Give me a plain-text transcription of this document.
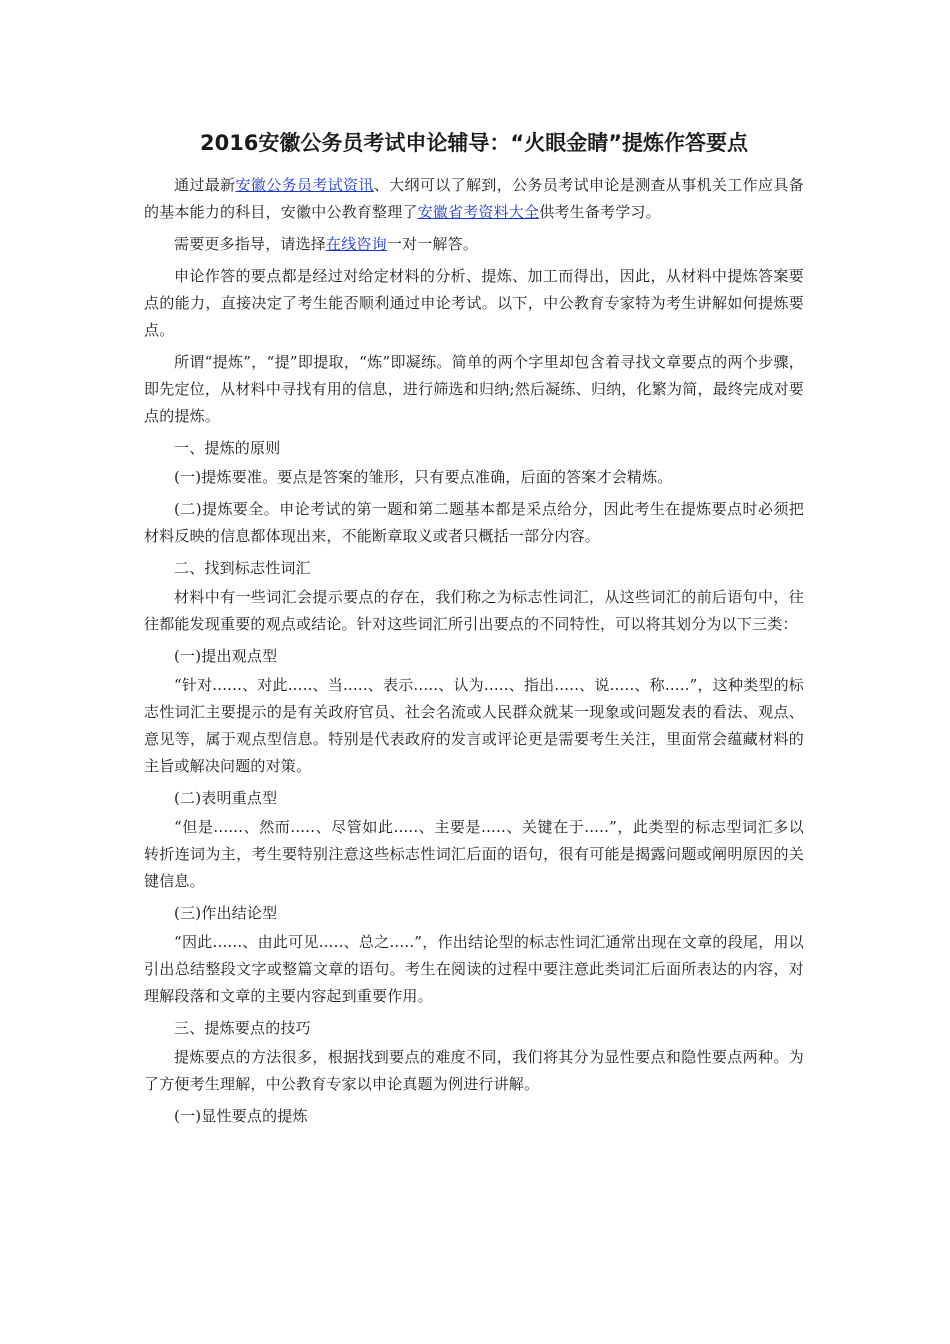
2016安徽公务员考试申论辅导：“火眼金睛”提炼作答要点

通过最新安徽公务员考试资讯、大纲可以了解到，公务员考试申论是测查从事机关工作应具备的基本能力的科目，安徽中公教育整理了安徽省考资料大全供考生备考学习。

需要更多指导，请选择在线咨询一对一解答。

申论作答的要点都是经过对给定材料的分析、提炼、加工而得出，因此，从材料中提炼答案要点的能力，直接决定了考生能否顺利通过申论考试。以下，中公教育专家特为考生讲解如何提炼要点。

所谓“提炼”，“提”即提取，“炼”即凝练。简单的两个字里却包含着寻找文章要点的两个步骤，即先定位，从材料中寻找有用的信息，进行筛选和归纳;然后凝练、归纳，化繁为简，最终完成对要点的提炼。

一、提炼的原则

(一)提炼要准。要点是答案的雏形，只有要点准确，后面的答案才会精炼。

(二)提炼要全。申论考试的第一题和第二题基本都是采点给分，因此考生在提炼要点时必须把材料反映的信息都体现出来，不能断章取义或者只概括一部分内容。

二、找到标志性词汇

材料中有一些词汇会提示要点的存在，我们称之为标志性词汇，从这些词汇的前后语句中，往往都能发现重要的观点或结论。针对这些词汇所引出要点的不同特性，可以将其划分为以下三类：

(一)提出观点型

“针对......、对此.....、当.....、表示.....、认为.....、指出.....、说.....、称.....”，这种类型的标志性词汇主要提示的是有关政府官员、社会名流或人民群众就某一现象或问题发表的看法、观点、意见等，属于观点型信息。特别是代表政府的发言或评论更是需要考生关注，里面常会蕴藏材料的主旨或解决问题的对策。

(二)表明重点型

“但是......、然而.....、尽管如此.....、主要是.....、关键在于.....”，此类型的标志型词汇多以转折连词为主，考生要特别注意这些标志性词汇后面的语句，很有可能是揭露问题或阐明原因的关键信息。

(三)作出结论型

“因此......、由此可见.....、总之.....”，作出结论型的标志性词汇通常出现在文章的段尾，用以引出总结整段文字或整篇文章的语句。考生在阅读的过程中要注意此类词汇后面所表达的内容，对理解段落和文章的主要内容起到重要作用。

三、提炼要点的技巧

提炼要点的方法很多，根据找到要点的难度不同，我们将其分为显性要点和隐性要点两种。为了方便考生理解，中公教育专家以申论真题为例进行讲解。

(一)显性要点的提炼
